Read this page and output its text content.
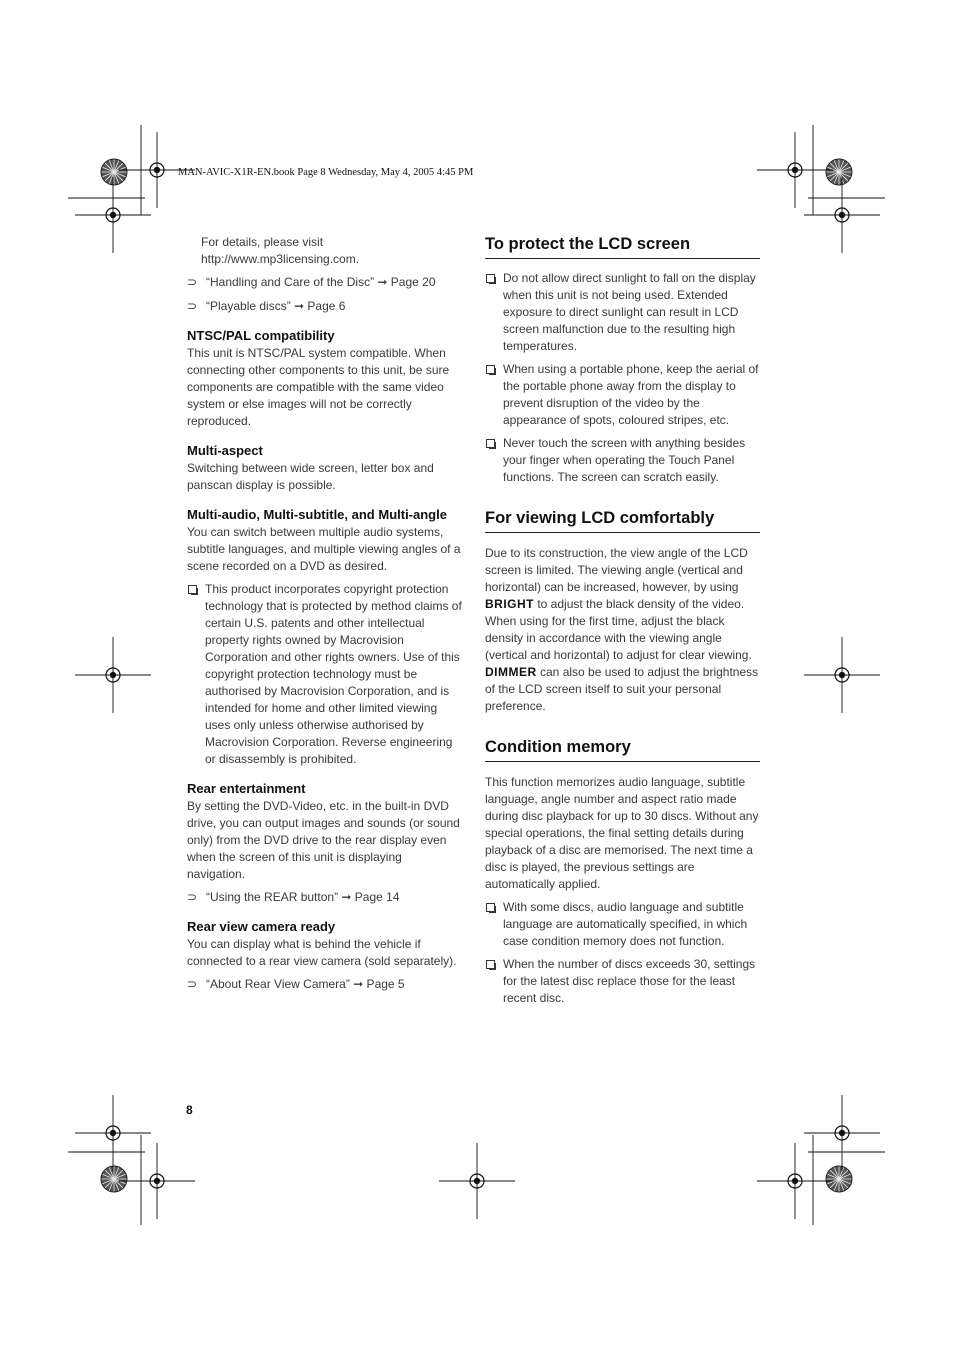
MAN-AVIC-X1R-EN.book Page 8 Wednesday, May 4, 2005 4:45 PM

For details, please visit

http://www.mp3licensing.com.

⊃ “Handling and Care of the Disc” ➞ Page 20

⊃ “Playable discs” ➞ Page 6

NTSC/PAL compatibility

This unit is NTSC/PAL system compatible. When connecting other components to this unit, be sure components are compatible with the same video system or else images will not be correctly reproduced.

Multi-aspect

Switching between wide screen, letter box and panscan display is possible.

Multi-audio, Multi-subtitle, and Multi-angle

You can switch between multiple audio systems, subtitle languages, and multiple viewing angles of a scene recorded on a DVD as desired.

This product incorporates copyright protection technology that is protected by method claims of certain U.S. patents and other intellectual property rights owned by Macrovision Corporation and other rights owners. Use of this copyright protection technology must be authorised by Macrovision Corporation, and is intended for home and other limited viewing uses only unless otherwise authorised by Macrovision Corporation. Reverse engineering or disassembly is prohibited.

Rear entertainment

By setting the DVD-Video, etc. in the built-in DVD drive, you can output images and sounds (or sound only) from the DVD drive to the rear display even when the screen of this unit is displaying navigation.

⊃ “Using the REAR button” ➞ Page 14

Rear view camera ready

You can display what is behind the vehicle if connected to a rear view camera (sold separately).

⊃ “About Rear View Camera” ➞ Page 5

To protect the LCD screen

Do not allow direct sunlight to fall on the display when this unit is not being used. Extended exposure to direct sunlight can result in LCD screen malfunction due to the resulting high temperatures.

When using a portable phone, keep the aerial of the portable phone away from the display to prevent disruption of the video by the appearance of spots, coloured stripes, etc.

Never touch the screen with anything besides your finger when operating the Touch Panel functions. The screen can scratch easily.

For viewing LCD comfortably

Due to its construction, the view angle of the LCD screen is limited. The viewing angle (vertical and horizontal) can be increased, however, by using BRIGHT to adjust the black density of the video. When using for the first time, adjust the black density in accordance with the viewing angle (vertical and horizontal) to adjust for clear viewing. DIMMER can also be used to adjust the brightness of the LCD screen itself to suit your personal preference.

Condition memory

This function memorizes audio language, subtitle language, angle number and aspect ratio made during disc playback for up to 30 discs. Without any special operations, the final setting details during playback of a disc are memorised. The next time a disc is played, the previous settings are automatically applied.

With some discs, audio language and subtitle language are automatically specified, in which case condition memory does not function.

When the number of discs exceeds 30, settings for the latest disc replace those for the least recent disc.

8
